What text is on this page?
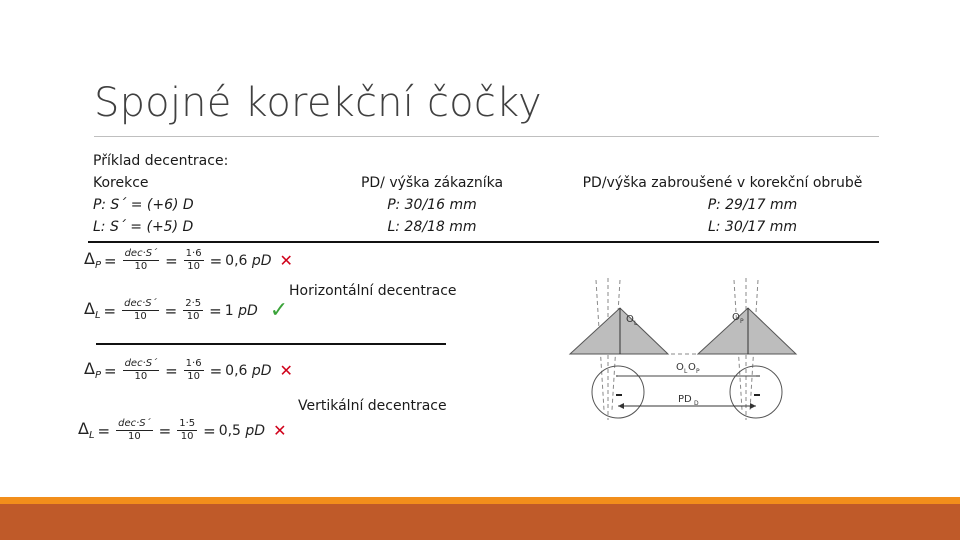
Spojné korekční čočky
Příklad decentrace:
Korekce
P: S´ = (+6) D
L: S´ = (+5) D
PD/ výška zákazníka
P: 30/16 mm
L: 28/18 mm
PD/výška zabroušené v korekční obrubě
P: 29/17 mm
L: 30/17 mm
$\Delta_P = \frac{\text{dec·S´}}{10} = \frac{1\cdot 6}{10} = 0,6$ pD ✕
$\Delta_L = \frac{\text{dec·S´}}{10} = \frac{2\cdot 5}{10} = 1$ pD ✓
Horizontální decentrace
$\Delta_P = \frac{\text{dec·S´}}{10} = \frac{1\cdot 6}{10} = 0,6$ pD ✕
Vertikální decentrace
$\Delta_L = \frac{\text{dec·S´}}{10} = \frac{1\cdot 5}{10} = 0,5$ pD ✕
O L
O P
O L O P
PD D
